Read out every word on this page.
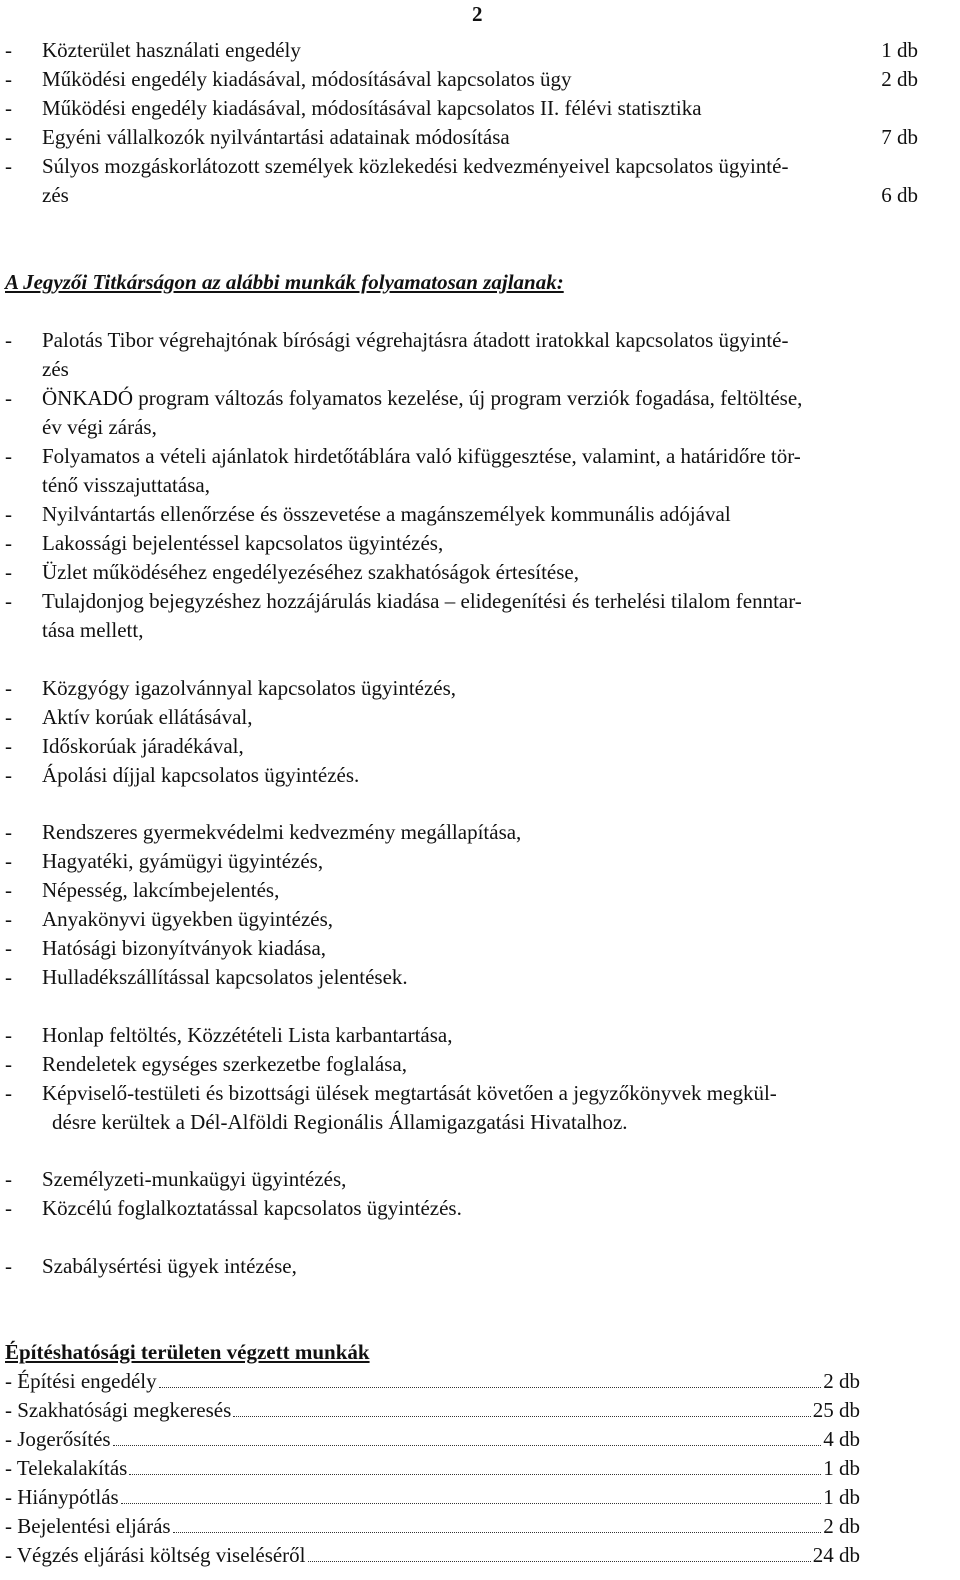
2
- Közterület használati engedély	1 db
- Működési engedély kiadásával, módosításával kapcsolatos ügy	2 db
- Működési engedély kiadásával, módosításával kapcsolatos II. félévi statisztika
- Egyéni vállalkozók nyilvántartási adatainak módosítása	7 db
- Súlyos mozgáskorlátozott személyek közlekedési kedvezményeivel kapcsolatos ügyinté-
zés	6 db
A Jegyzői Titkárságon az alábbi munkák folyamatosan zajlanak:
- Palotás Tibor végrehajtónak bírósági végrehajtásra átadott iratokkal kapcsolatos ügyinté-
zés
- ÖNKADÓ program változás folyamatos kezelése, új program verziók fogadása, feltöltése,
év végi zárás,
- Folyamatos a vételi ajánlatok hirdetőtáblára való kifüggesztése, valamint, a határidőre tör-
ténő visszajuttatása,
- Nyilvántartás ellenőrzése és összevetése a magánszemélyek kommunális adójával
- Lakossági bejelentéssel kapcsolatos ügyintézés,
- Üzlet működéséhez engedélyezéséhez szakhatóságok értesítése,
- Tulajdonjog bejegyzéshez hozzájárulás kiadása – elidegenítési és terhelési tilalom fenntar-
tása mellett,
- Közgyógy igazolvánnyal kapcsolatos ügyintézés,
- Aktív korúak ellátásával,
- Időskorúak járadékával,
- Ápolási díjjal kapcsolatos ügyintézés.
- Rendszeres gyermekvédelmi kedvezmény megállapítása,
- Hagyatéki, gyámügyi ügyintézés,
- Népesség, lakcímbejelentés,
- Anyakönyvi ügyekben ügyintézés,
- Hatósági bizonyítványok kiadása,
- Hulladékszállítással kapcsolatos jelentések.
- Honlap feltöltés, Közzétételi Lista karbantartása,
- Rendeletek egységes szerkezetbe foglalása,
- Képviselő-testületi és bizottsági ülések megtartását követően a jegyzőkönyvek megkül-
désre kerültek a Dél-Alföldi Regionális Államigazgatási Hivatalhoz.
- Személyzeti-munkaügyi ügyintézés,
- Közcélú foglalkoztatással kapcsolatos ügyintézés.
- Szabálysértési ügyek intézése,
Építéshatósági területen végzett munkák
- Építési engedély	2 db
- Szakhatósági megkeresés	25 db
- Jogerősítés	4 db
- Telekalakítás	1 db
- Hiánypótlás	1 db
- Bejelentési eljárás	2 db
- Végzés eljárási költség viseléséről	24 db
